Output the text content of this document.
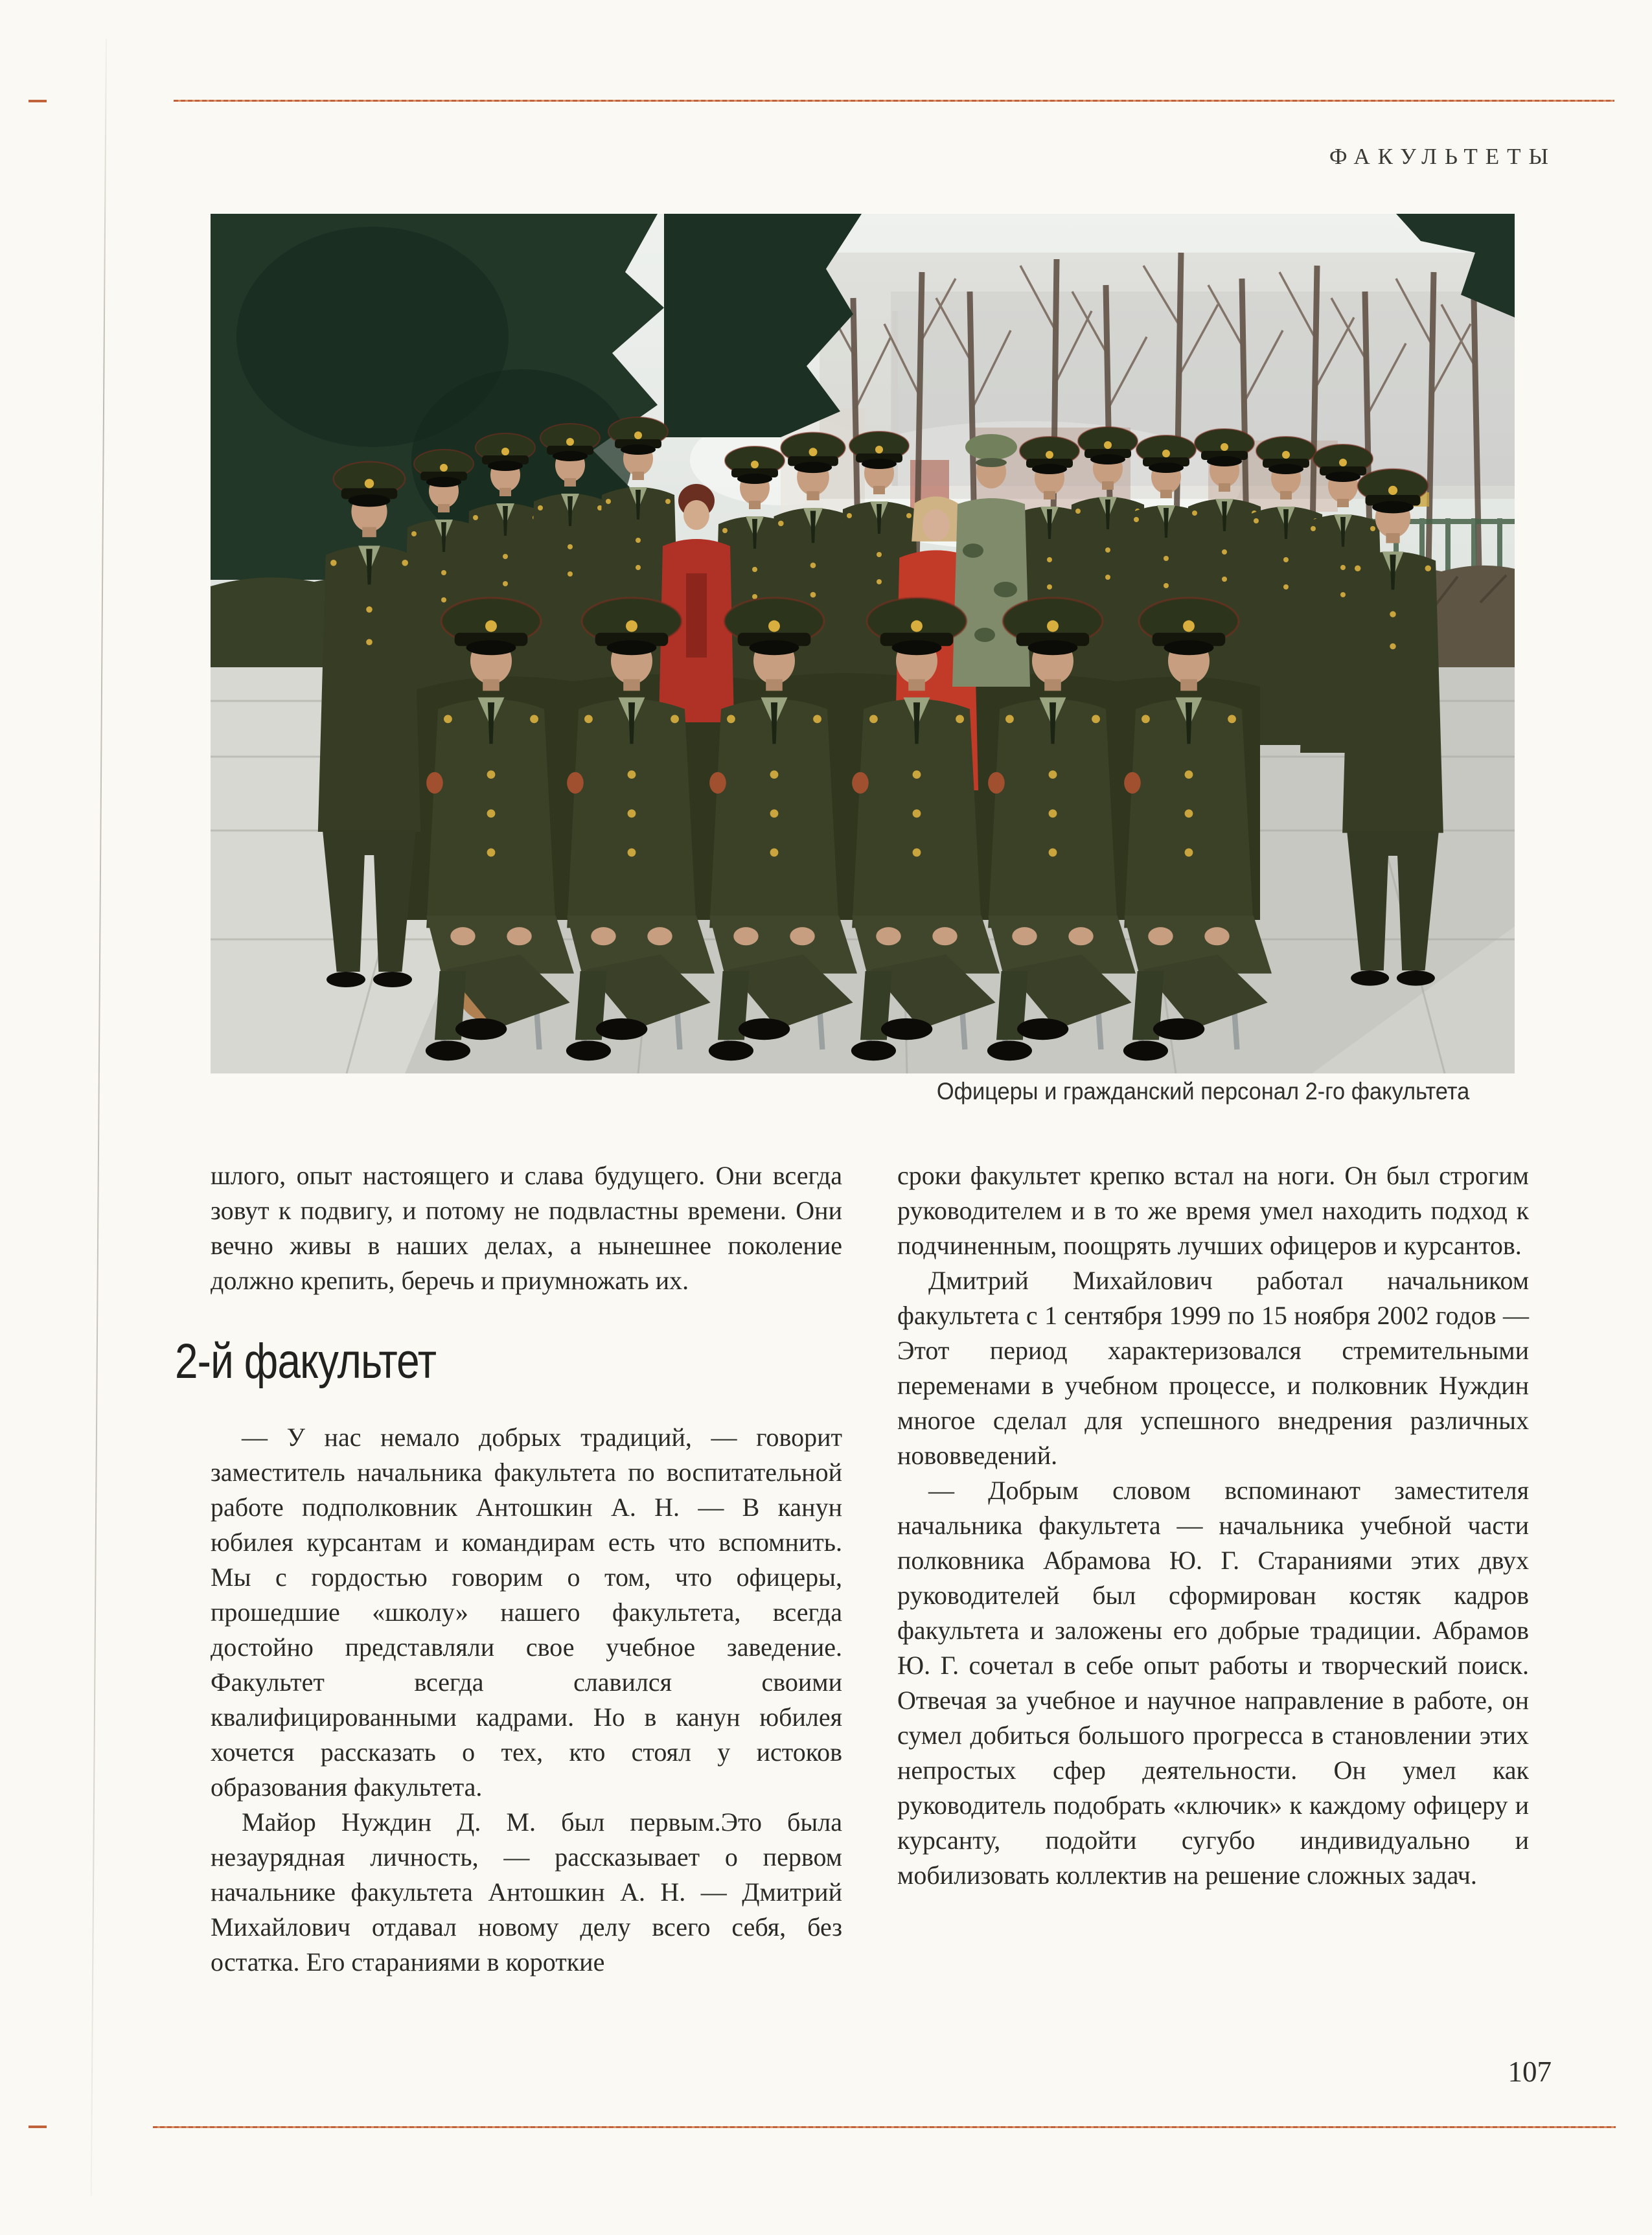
ФАКУЛЬТЕТЫ
Офицеры и гражданский персонал 2-го факультета

шлого, опыт настоящего и слава будущего. Они всегда зовут к подвигу, и потому не подвластны времени. Они вечно живы в наших делах, а нынешнее поколение должно крепить, беречь и приумножать их.

2-й факультет

— У нас немало добрых традиций, — говорит заместитель начальника факультета по воспитательной работе подполковник Антошкин А. Н. — В канун юбилея курсантам и командирам есть что вспомнить. Мы с гордостью говорим о том, что офицеры, прошедшие «школу» нашего факультета, всегда достойно представляли свое учебное заведение. Факультет всегда славился своими квалифицированными кадрами. Но в канун юбилея хочется рассказать о тех, кто стоял у истоков образования факультета.

Майор Нуждин Д. М. был первым.Это была незаурядная личность, — рассказывает о первом начальнике факультета Антошкин А. Н. — Дмитрий Михайлович отдавал новому делу всего себя, без остатка. Его стараниями в короткие

сроки факультет крепко встал на ноги. Он был строгим руководителем и в то же время умел находить подход к подчиненным, поощрять лучших офицеров и курсантов.

Дмитрий Михайлович работал начальником факультета с 1 сентября 1999 по 15 ноября 2002 годов — Этот период характеризовался стремительными переменами в учебном процессе, и полковник Нуждин многое сделал для успешного внедрения различных нововведений.

— Добрым словом вспоминают заместителя начальника факультета — начальника учебной части полковника Абрамова Ю. Г. Стараниями этих двух руководителей был сформирован костяк кадров факультета и заложены его добрые традиции. Абрамов Ю. Г. сочетал в себе опыт работы и творческий поиск. Отвечая за учебное и научное направление в работе, он сумел добиться большого прогресса в становлении этих непростых сфер деятельности. Он умел как руководитель подобрать «ключик» к каждому офицеру и курсанту, подойти сугубо индивидуально и мобилизовать коллектив на решение сложных задач.

107
